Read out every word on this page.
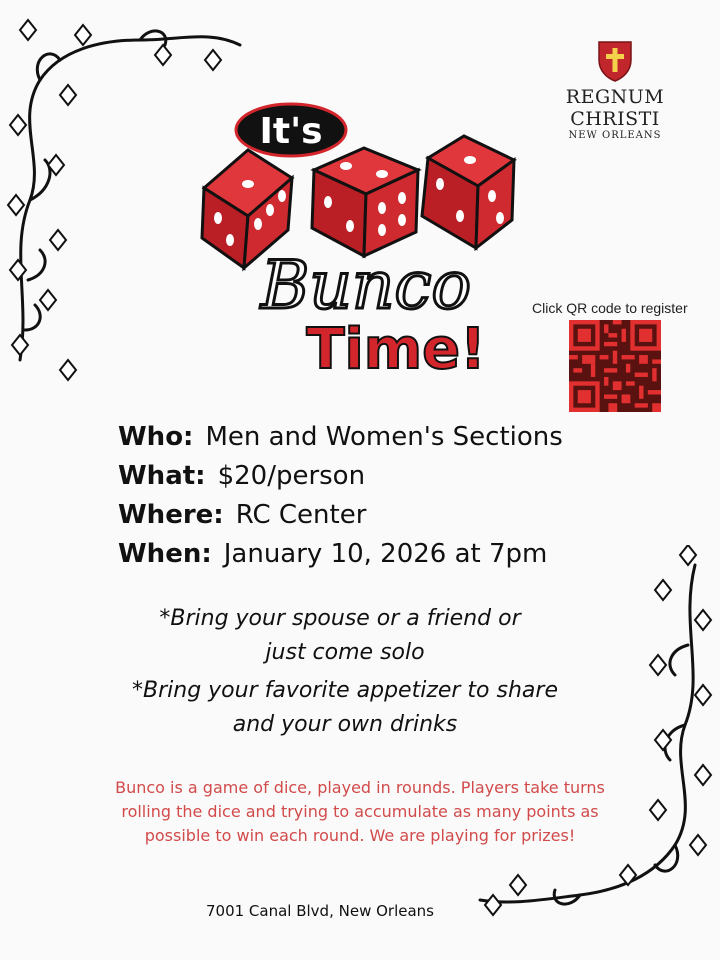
REGNUM CHRISTI
NEW ORLEANS
It's
Bunco
Time!
Click QR code to register
Who: Men and Women's Sections
What: $20/person
Where: RC Center
When: January 10, 2026 at 7pm
*Bring your spouse or a friend or
just come solo
*Bring your favorite appetizer to share
and your own drinks
Bunco is a game of dice, played in rounds. Players take turns rolling the dice and trying to accumulate as many points as possible to win each round. We are playing for prizes!
7001 Canal Blvd, New Orleans
